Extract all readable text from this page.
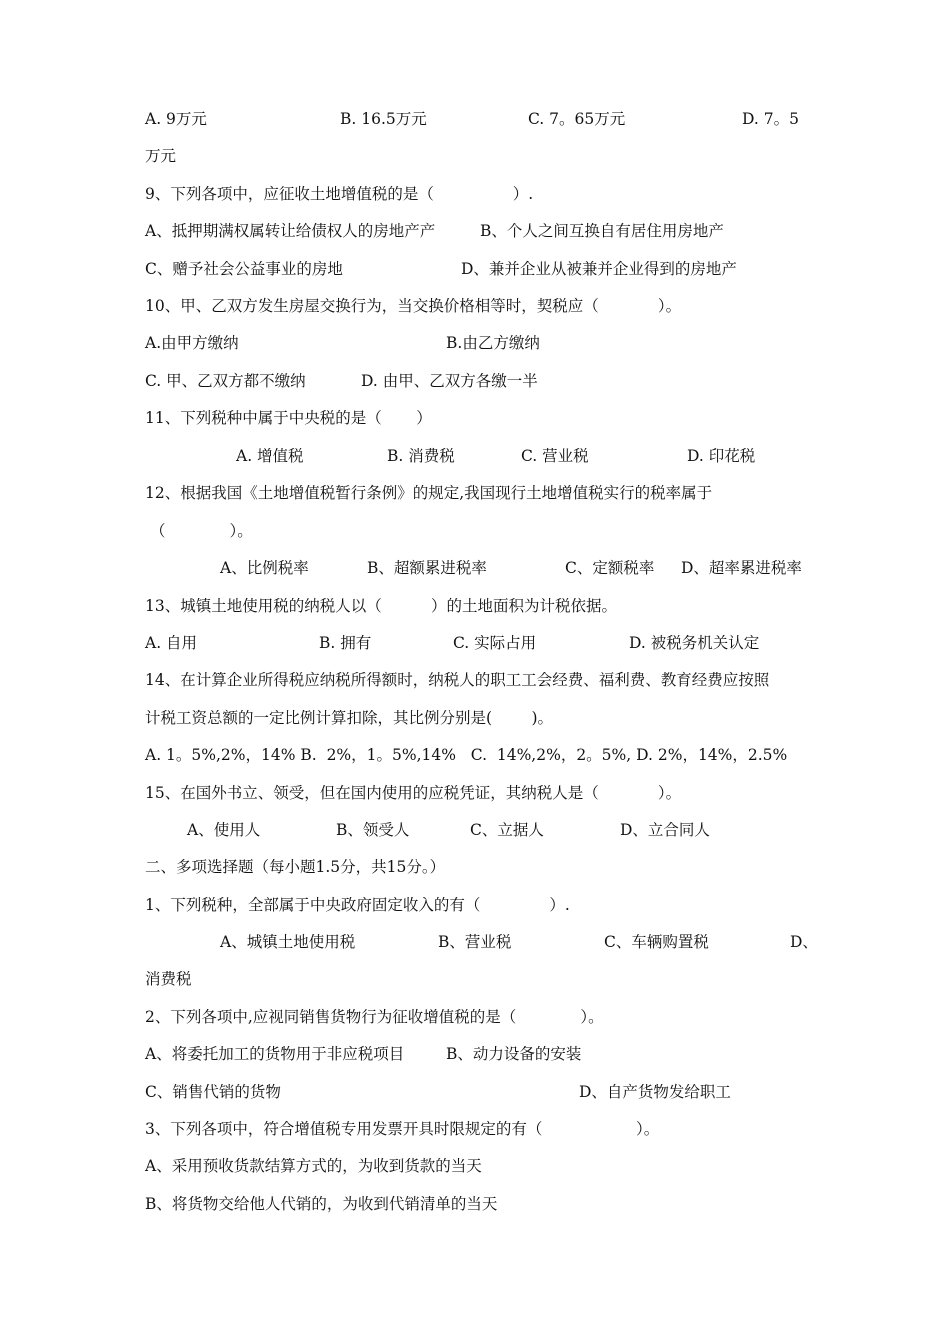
A. 9万元	B. 16.5万元	C. 7。65万元	D. 7。5
万元
9、下列各项中，应征收土地增值税的是（                ）.
A、抵押期满权属转让给债权人的房地产产	B、个人之间互换自有居住用房地产
C、赠予社会公益事业的房地	D、兼并企业从被兼并企业得到的房地产
10、甲、乙双方发生房屋交换行为，当交换价格相等时，契税应（            ）。
A.由甲方缴纳	B.由乙方缴纳
C. 甲、乙双方都不缴纳	D. 由甲、乙双方各缴一半
11、下列税种中属于中央税的是（       ）
A. 增值税	B. 消费税	C. 营业税	D. 印花税
12、根据我国《土地增值税暂行条例》的规定,我国现行土地增值税实行的税率属于
（             ）。
A、比例税率	B、超额累进税率	C、定额税率 D、超率累进税率
13、城镇土地使用税的纳税人以（          ）的土地面积为计税依据。
A. 自用	B. 拥有	C. 实际占用	D. 被税务机关认定
14、在计算企业所得税应纳税所得额时，纳税人的职工工会经费、福利费、教育经费应按照
计税工资总额的一定比例计算扣除，其比例分别是(        )。
A. 1。5%,2%，14% B.  2%，1。5%,14%   C.  14%,2%，2。5%, D. 2%，14%，2.5%
15、在国外书立、领受，但在国内使用的应税凭证，其纳税人是（            ）。
A、使用人	B、领受人	C、立据人	D、立合同人
二、多项选择题（每小题1.5分，共15分。）
1、下列税种，全部属于中央政府固定收入的有（              ）.
A、城镇土地使用税	B、营业税	C、车辆购置税	D、
消费税
2、下列各项中,应视同销售货物行为征收增值税的是（             ）。
A、将委托加工的货物用于非应税项目	B、动力设备的安装
C、销售代销的货物	D、自产货物发给职工
3、下列各项中，符合增值税专用发票开具时限规定的有（                   ）。
A、采用预收货款结算方式的，为收到货款的当天
B、将货物交给他人代销的，为收到代销清单的当天
